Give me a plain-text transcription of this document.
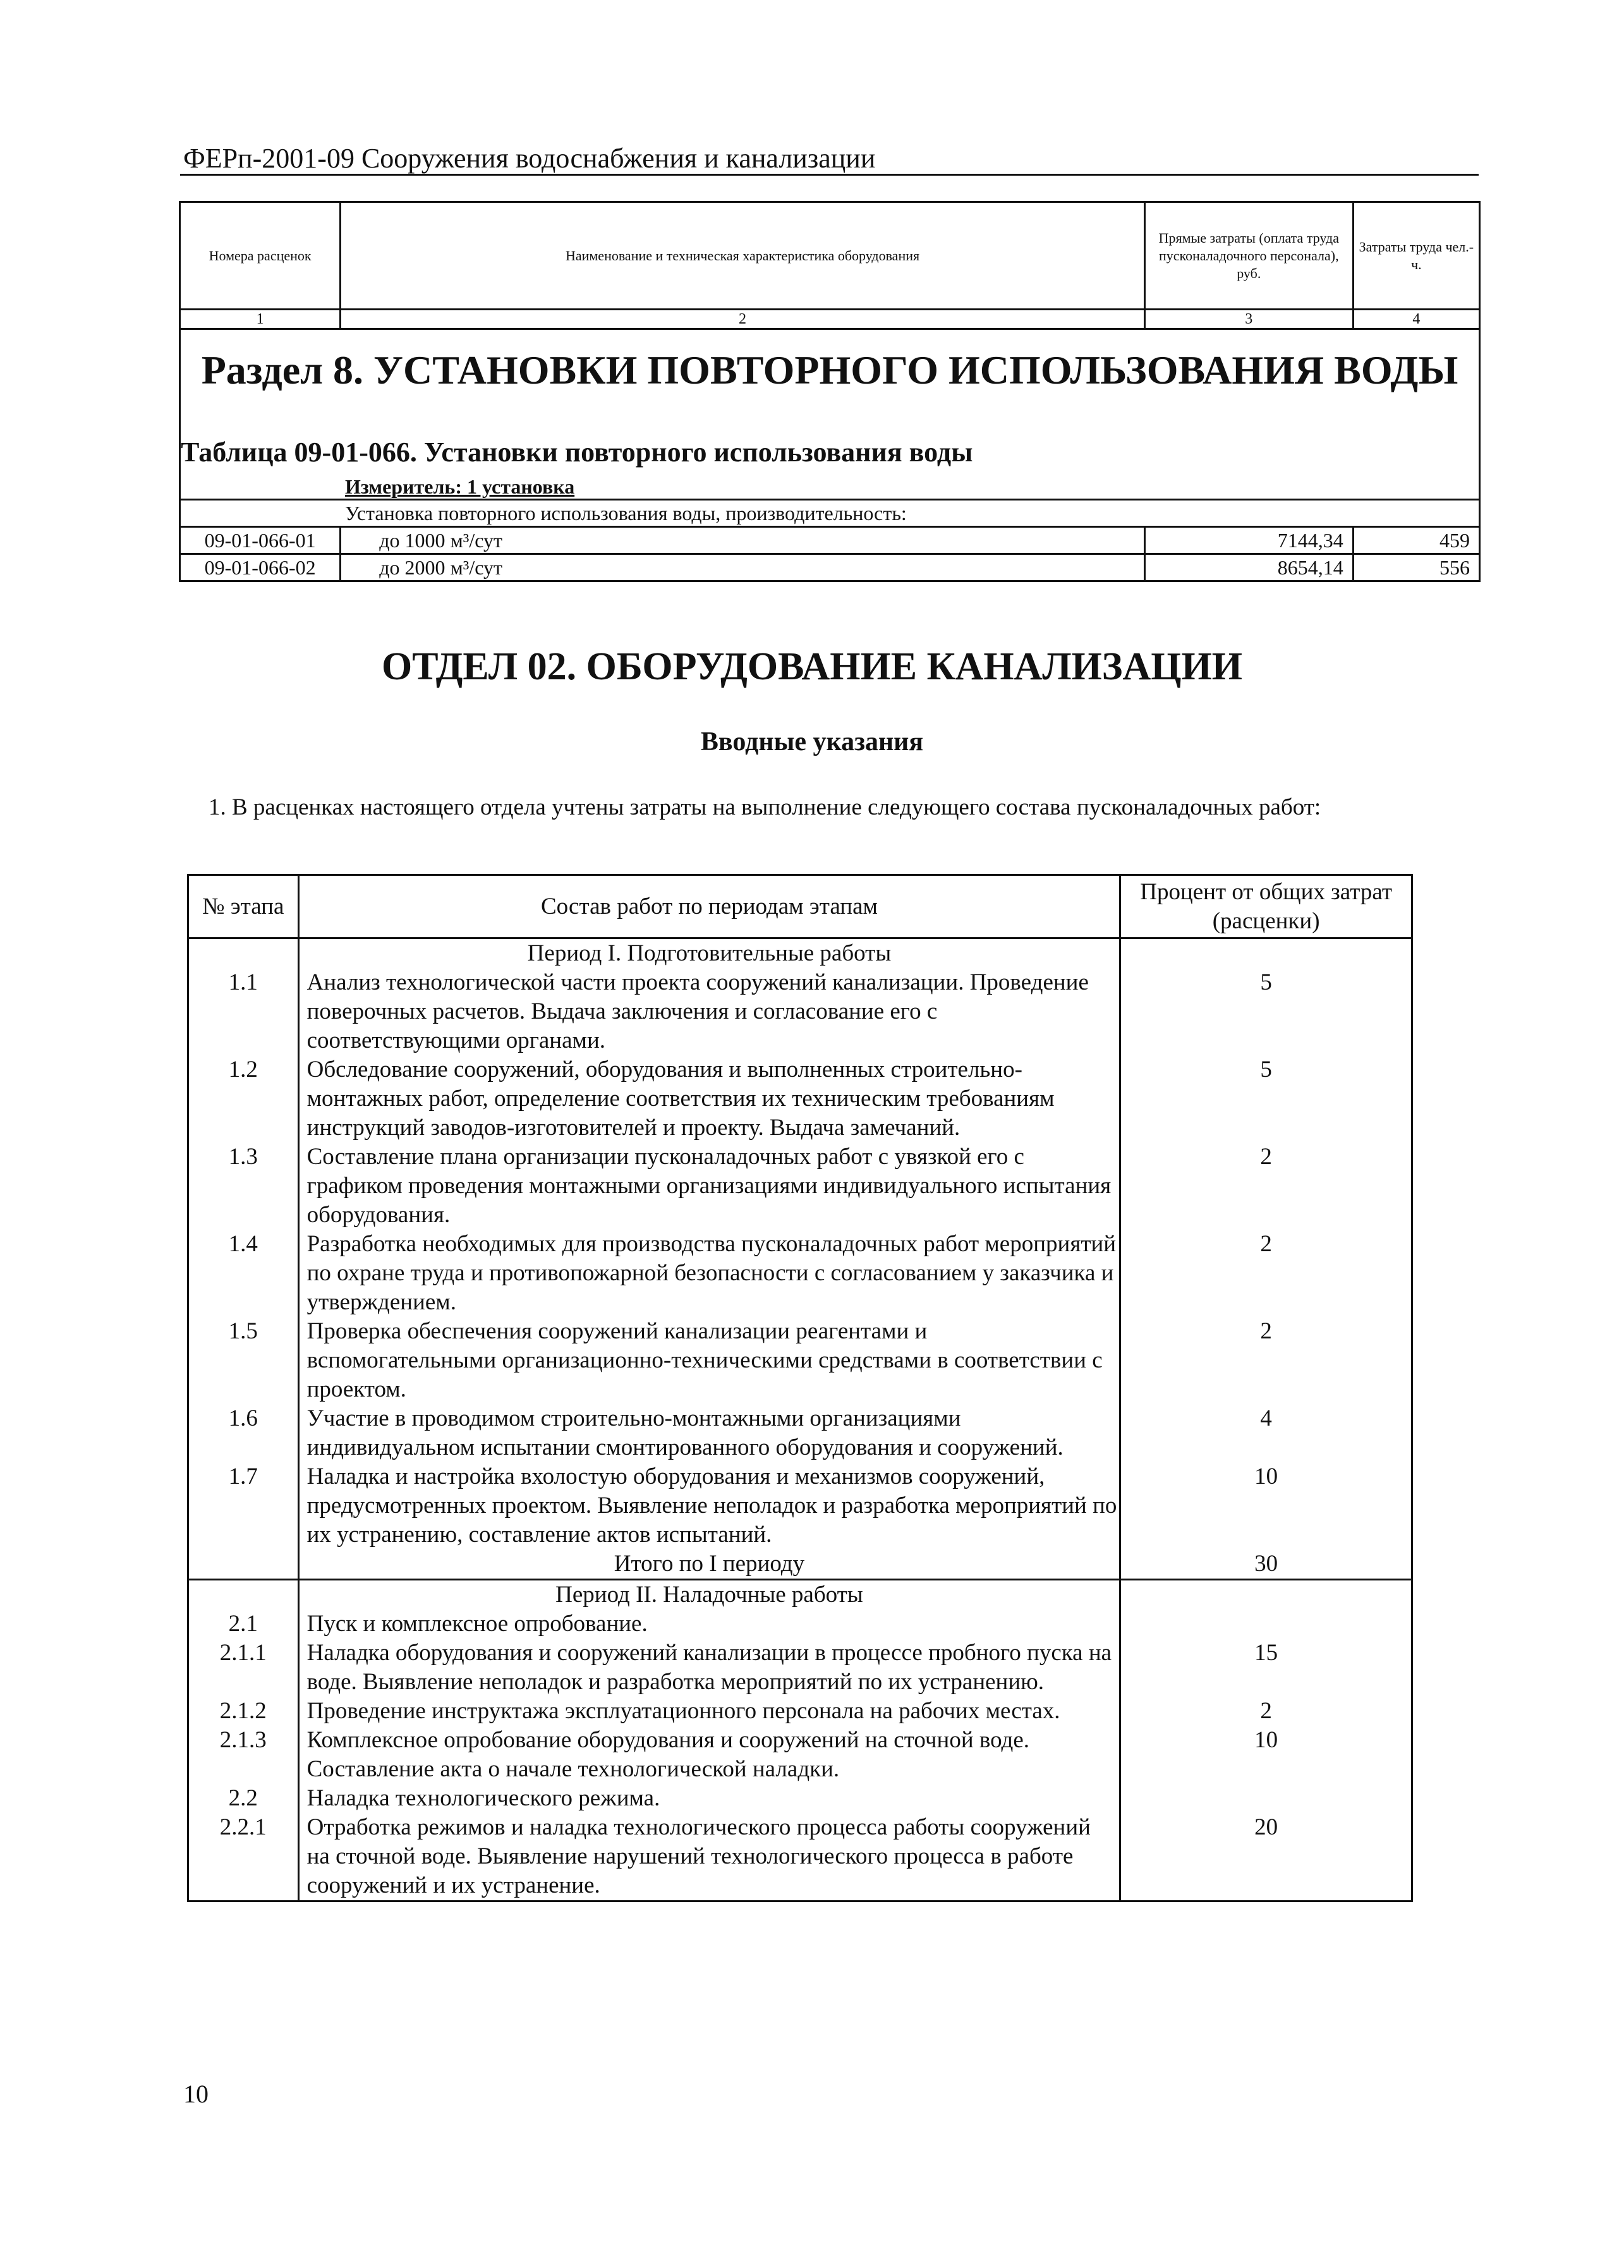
ФЕРп-2001-09 Сооружения водоснабжения и канализации
Номера расценок	Наименование и техническая характеристика оборудования	Прямые затраты (оплата труда пусконаладочного персонала), руб.	Затраты труда чел.-ч.
1	2	3	4
Раздел 8. УСТАНОВКИ ПОВТОРНОГО ИСПОЛЬЗОВАНИЯ ВОДЫ			
Таблица 09-01-066. Установки повторного использования воды			
Измеритель: 1 установка			
Установка повторного использования воды, производительность:			
09-01-066-01	до 1000 м³/сут	7144,34	459
09-01-066-02	до 2000 м³/сут	8654,14	556
ОТДЕЛ 02. ОБОРУДОВАНИЕ КАНАЛИЗАЦИИ
Вводные указания
1. В расценках настоящего отдела учтены затраты на выполнение следующего состава пусконаладочных работ:
№ этапа	Состав работ по периодам этапам	Процент от общих затрат (расценки)
	Период I. Подготовительные работы	
1.1	Анализ технологической части проекта сооружений канализации. Проведение поверочных расчетов. Выдача заключения и согласование его с соответствующими органами.	5
1.2	Обследование сооружений, оборудования и выполненных строительно-монтажных работ, определение соответствия их техническим требованиям инструкций заводов-изготовителей и проекту. Выдача замечаний.	5
1.3	Составление плана организации пусконаладочных работ с увязкой его с графиком проведения монтажными организациями индивидуального испытания оборудования.	2
1.4	Разработка необходимых для производства пусконаладочных работ мероприятий по охране труда и противопожарной безопасности с согласованием у заказчика и утверждением.	2
1.5	Проверка обеспечения сооружений канализации реагентами и вспомогательными организационно-техническими средствами в соответствии с проектом.	2
1.6	Участие в проводимом строительно-монтажными организациями индивидуальном испытании смонтированного оборудования и сооружений.	4
1.7	Наладка и настройка вхолостую оборудования и механизмов сооружений, предусмотренных проектом. Выявление неполадок и разработка мероприятий по их устранению, составление актов испытаний.	10
	Итого по I периоду	30
	Период II. Наладочные работы	
2.1	Пуск и комплексное опробование.	
2.1.1	Наладка оборудования и сооружений канализации в процессе пробного пуска на воде. Выявление неполадок и разработка мероприятий по их устранению.	15
2.1.2	Проведение инструктажа эксплуатационного персонала на рабочих местах.	2
2.1.3	Комплексное опробование оборудования и сооружений на сточной воде. Составление акта о начале технологической наладки.	10
2.2	Наладка технологического режима.	
2.2.1	Отработка режимов и наладка технологического процесса работы сооружений на сточной воде. Выявление нарушений технологического процесса в работе сооружений и их устранение.	20
10
